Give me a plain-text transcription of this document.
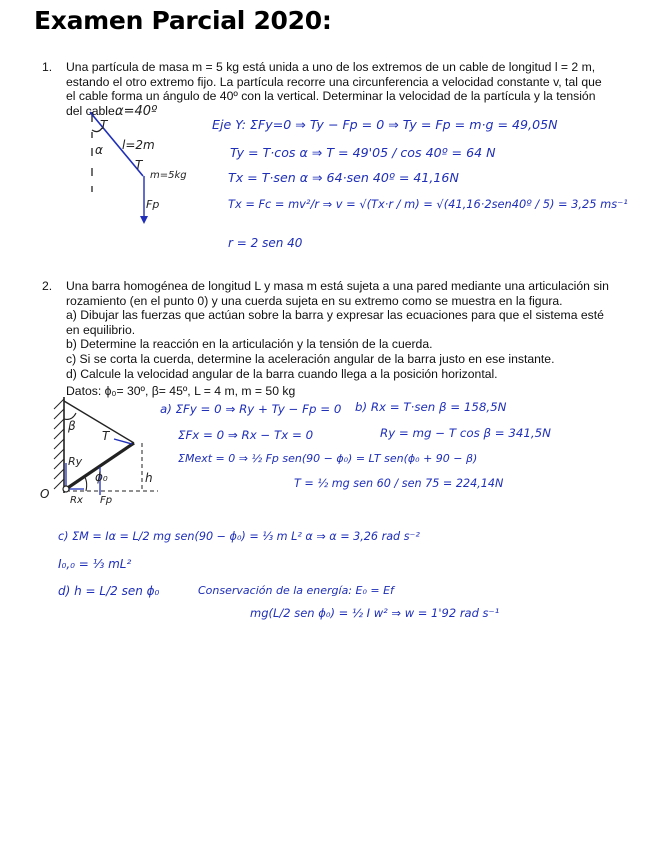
Examen Parcial 2020:
1. Una partícula de masa m = 5 kg está unida a uno de los extremos de un cable de longitud l = 2 m, estando el otro extremo fijo. La partícula recorre una circunferencia a velocidad constante v, tal que el cable forma un ángulo de 40º con la vertical. Determinar la velocidad de la partícula y la tensión del cable.

α=40º
T
α l=2m
T
m=5kg
Fp
Eje Y: ΣFy=0 ⇒ Ty − Fp = 0 ⇒ Ty = Fp = m·g = 49,05N
Ty = T·cos α ⇒ T = 49'05 / cos 40º = 64 N
Tx = T·sen α ⇒ 64·sen 40º = 41,16N
Tx = Fc = mv²/r ⇒ v = √(Tx·r / m) = √(41,16·2sen40º / 5) = 3,25 ms⁻¹
r = 2 sen 40
2. Una barra homogénea de longitud L y masa m está sujeta a una pared mediante una articulación sin rozamiento (en el punto 0) y una cuerda sujeta en su extremo como se muestra en la figura.

a) Dibujar las fuerzas que actúan sobre la barra y expresar las ecuaciones para que el sistema esté en equilibrio.

b) Determine la reacción en la articulación y la tensión de la cuerda.

c) Si se corta la cuerda, determine la aceleración angular de la barra justo en ese instante.

d) Calcule la velocidad angular de la barra cuando llega a la posición horizontal.

Datos: ϕ₀= 30º, β= 45º, L = 4 m, m = 50 kg

β
T
Ry
ϕ₀	h
O Rx Fp
a) ΣFy = 0 ⇒ Ry + Ty − Fp = 0
ΣFx = 0 ⇒ Rx − Tx = 0
ΣMext = 0 ⇒ ½ Fp sen(90 − ϕ₀) = LT sen(ϕ₀ + 90 − β)
T = ½ mg sen 60 / sen 75 = 224,14N
b) Rx = T·sen β = 158,5N
Ry = mg − T cos β = 341,5N
c) ΣM = Iα = L/2 mg sen(90 − ϕ₀) = ⅓ m L² α ⇒ α = 3,26 rad s⁻²
I₀,₀ = ⅓ mL²
d) h = L/2 sen ϕ₀	Conservación de la energía: E₀ = Ef
mg(L/2 sen ϕ₀) = ½ I w² ⇒ w = 1'92 rad s⁻¹
